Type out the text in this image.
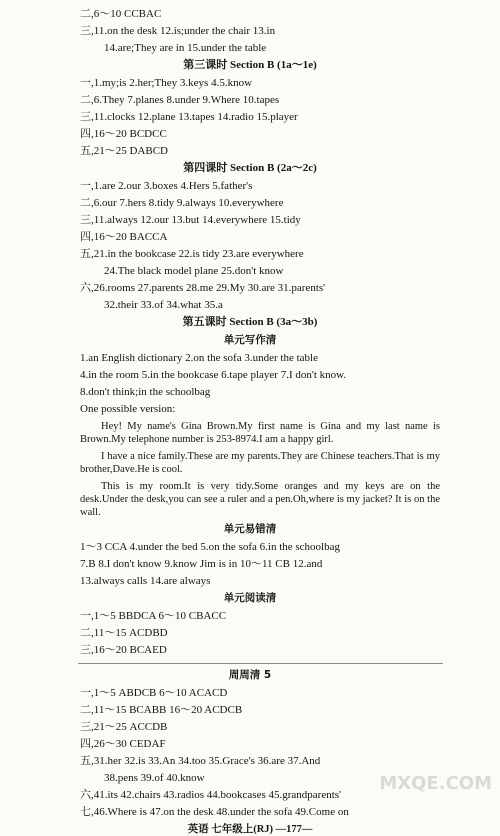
MXQE.COM
二,6～10 CCBAC
三,11.on the desk 12.is;under the chair 13.in
14.are;They are in 15.under the table
第三课时 Section B (1a～1e)
一,1.my;is 2.her;They 3.keys 4.5.know
二,6.They 7.planes 8.under 9.Where 10.tapes
三,11.clocks 12.plane 13.tapes 14.radio 15.player
四,16～20 BCDCC
五,21～25 DABCD
第四课时 Section B (2a～2c)
一,1.are 2.our 3.boxes 4.Hers 5.father's
二,6.our 7.hers 8.tidy 9.always 10.everywhere
三,11.always 12.our 13.but 14.everywhere 15.tidy
四,16～20 BACCA
五,21.in the bookcase 22.is tidy 23.are everywhere
24.The black model plane 25.don't know
六,26.rooms 27.parents 28.me 29.My 30.are 31.parents'
32.their 33.of 34.what 35.a
第五课时 Section B (3a～3b)
单元写作清
1.an English dictionary 2.on the sofa 3.under the table
4.in the room 5.in the bookcase 6.tape player 7.I don't know.
8.don't think;in the schoolbag
One possible version:
Hey! My name's Gina Brown.My first name is Gina and my last name is Brown.My telephone number is 253-8974.I am a happy girl.
I have a nice family.These are my parents.They are Chinese teachers.That is my brother,Dave.He is cool.
This is my room.It is very tidy.Some oranges and my keys are on the desk.Under the desk,you can see a ruler and a pen.Oh,where is my jacket? It is on the wall.
单元易错清
1～3 CCA 4.under the bed 5.on the sofa 6.in the schoolbag
7.B 8.I don't know 9.know Jim is in 10～11 CB 12.and
13.always calls 14.are always
单元阅读清
一,1～5 BBDCA 6～10 CBACC
二,11～15 ACDBD
三,16～20 BCAED
周周清 5
一,1～5 ABDCB 6～10 ACACD
二,11～15 BCABB 16～20 ACDCB
三,21～25 ACCDB
四,26～30 CEDAF
五,31.her 32.is 33.An 34.too 35.Grace's 36.are 37.And
38.pens 39.of 40.know
六,41.its 42.chairs 43.radios 44.bookcases 45.grandparents'
七,46.Where is 47.on the desk 48.under the sofa 49.Come on
英语 七年级上(RJ) —177—
